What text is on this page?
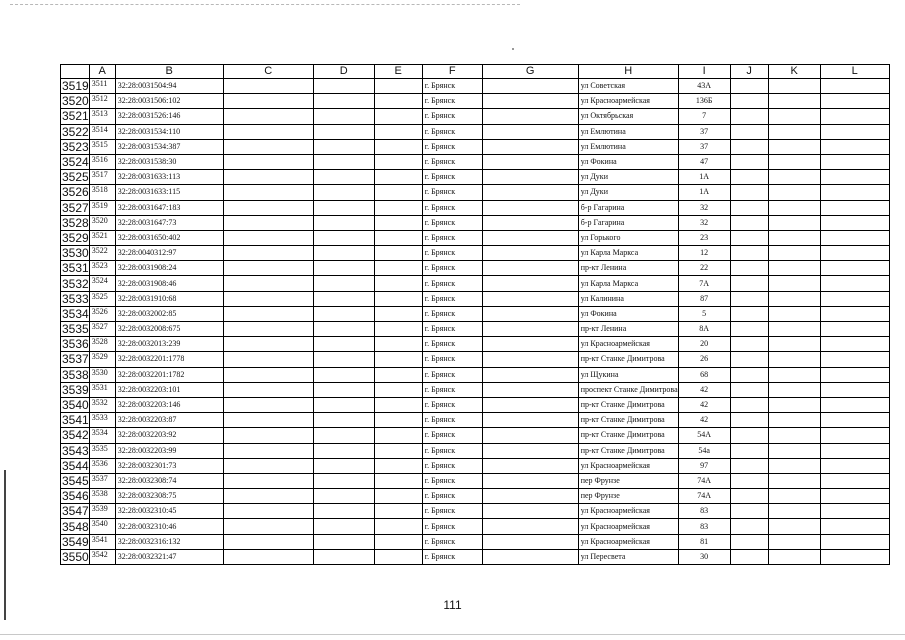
	A	B	C	D	E	F	G	H	I	J	K	L
3519	3511	32:28:0031504:94				г. Брянск		ул Советская	43А			
3520	3512	32:28:0031506:102				г. Брянск		ул Красноармейская	136Б			
3521	3513	32:28:0031526:146				г. Брянск		ул Октябрьская	7			
3522	3514	32:28:0031534:110				г. Брянск		ул Емлютина	37			
3523	3515	32:28:0031534:387				г. Брянск		ул Емлютина	37			
3524	3516	32:28:0031538:30				г. Брянск		ул Фокина	47			
3525	3517	32:28:0031633:113				г. Брянск		ул Дуки	1А			
3526	3518	32:28:0031633:115				г. Брянск		ул Дуки	1А			
3527	3519	32:28:0031647:183				г. Брянск		б-р Гагарина	32			
3528	3520	32:28:0031647:73				г. Брянск		б-р Гагарина	32			
3529	3521	32:28:0031650:402				г. Брянск		ул Горького	23			
3530	3522	32:28:0040312:97				г. Брянск		ул Карла Маркса	12			
3531	3523	32:28:0031908:24				г. Брянск		пр-кт Ленина	22			
3532	3524	32:28:0031908:46				г. Брянск		ул Карла Маркса	7А			
3533	3525	32:28:0031910:68				г. Брянск		ул Калинина	87			
3534	3526	32:28:0032002:85				г. Брянск		ул Фокина	5			
3535	3527	32:28:0032008:675				г. Брянск		пр-кт Ленина	8А			
3536	3528	32:28:0032013:239				г. Брянск		ул Красноармейская	20			
3537	3529	32:28:0032201:1778				г. Брянск		пр-кт Станке Димитрова	26			
3538	3530	32:28:0032201:1782				г. Брянск		ул Щукина	68			
3539	3531	32:28:0032203:101				г. Брянск		проспект Станке Димитрова	42			
3540	3532	32:28:0032203:146				г. Брянск		пр-кт Станке Димитрова	42			
3541	3533	32:28:0032203:87				г. Брянск		пр-кт Станке Димитрова	42			
3542	3534	32:28:0032203:92				г. Брянск		пр-кт Станке Димитрова	54А			
3543	3535	32:28:0032203:99				г. Брянск		пр-кт Станке Димитрова	54а			
3544	3536	32:28:0032301:73				г. Брянск		ул Красноармейская	97			
3545	3537	32:28:0032308:74				г. Брянск		пер Фрунзе	74А			
3546	3538	32:28:0032308:75				г. Брянск		пер Фрунзе	74А			
3547	3539	32:28:0032310:45				г. Брянск		ул Красноармейская	83			
3548	3540	32:28:0032310:46				г. Брянск		ул Красноармейская	83			
3549	3541	32:28:0032316:132				г. Брянск		ул Красноармейская	81			
3550	3542	32:28:0032321:47				г. Брянск		ул Пересвета	30			
111
